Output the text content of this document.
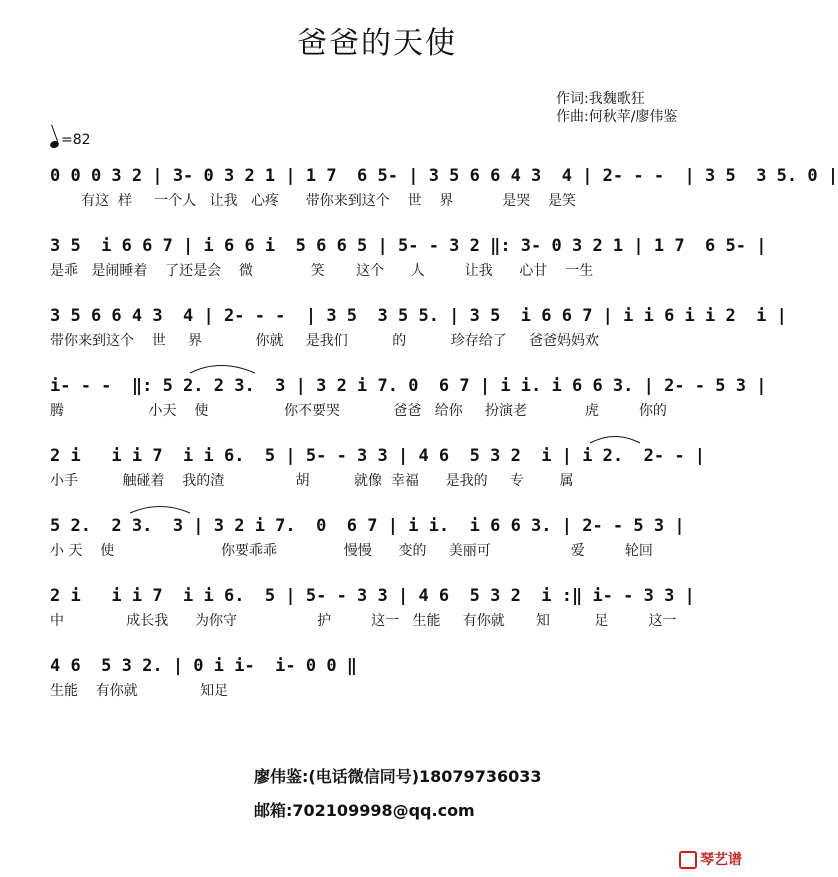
爸爸的天使
作词:我魏歌狂
作曲:何秋苹/廖伟鉴
=82
0 0 0 3 2 | 3- 0 3 2 1 | 1 7  6 5- | 3 5 6 6 4 3  4 | 2- - -  | 3 5  3 5. 0 |
有这  样     一个人   让我   心疼      带你来到这个    世    界           是哭    是笑
3 5  i 6 6 7 | i 6 6 i  5 6 6 5 | 5- - 3 2 ‖: 3- 0 3 2 1 | 1 7  6 5- |
是乖   是闹睡着    了还是会    微             笑       这个      人         让我      心甘    一生
3 5 6 6 4 3  4 | 2- - -  | 3 5  3 5 5. | 3 5  i 6 6 7 | i i 6 i i 2  i |
带你来到这个    世     界            你就     是我们          的          珍存给了     爸爸妈妈欢
i- - -  ‖: 5 2. 2 3.  3 | 3 2 i 7. 0  6 7 | i i. i 6 6 3. | 2- - 5 3 |
腾                   小天    使                 你不要哭            爸爸   给你     扮演老             虎         你的
2 i   i i 7  i i 6.  5 | 5- - 3 3 | 4 6  5 3 2  i | i 2.  2- - |
小手          触碰着    我的渣                胡          就像  幸福      是我的     专        属
5 2.  2 3.  3 | 3 2 i 7.  0  6 7 | i i.  i 6 6 3. | 2- - 5 3 |
小 天    使                        你要乖乖               慢慢      变的     美丽可                  爱         轮回
2 i   i i 7  i i 6.  5 | 5- - 3 3 | 4 6  5 3 2  i :‖ i- - 3 3 |
中              成长我      为你守                  护         这一   生能     有你就       知          足         这一
4 6  5 3 2. | 0 i i-  i- 0 0 ‖
生能    有你就              知足
廖伟鉴:(电话微信同号)18079736033
邮箱:702109998@qq.com
琴艺谱
